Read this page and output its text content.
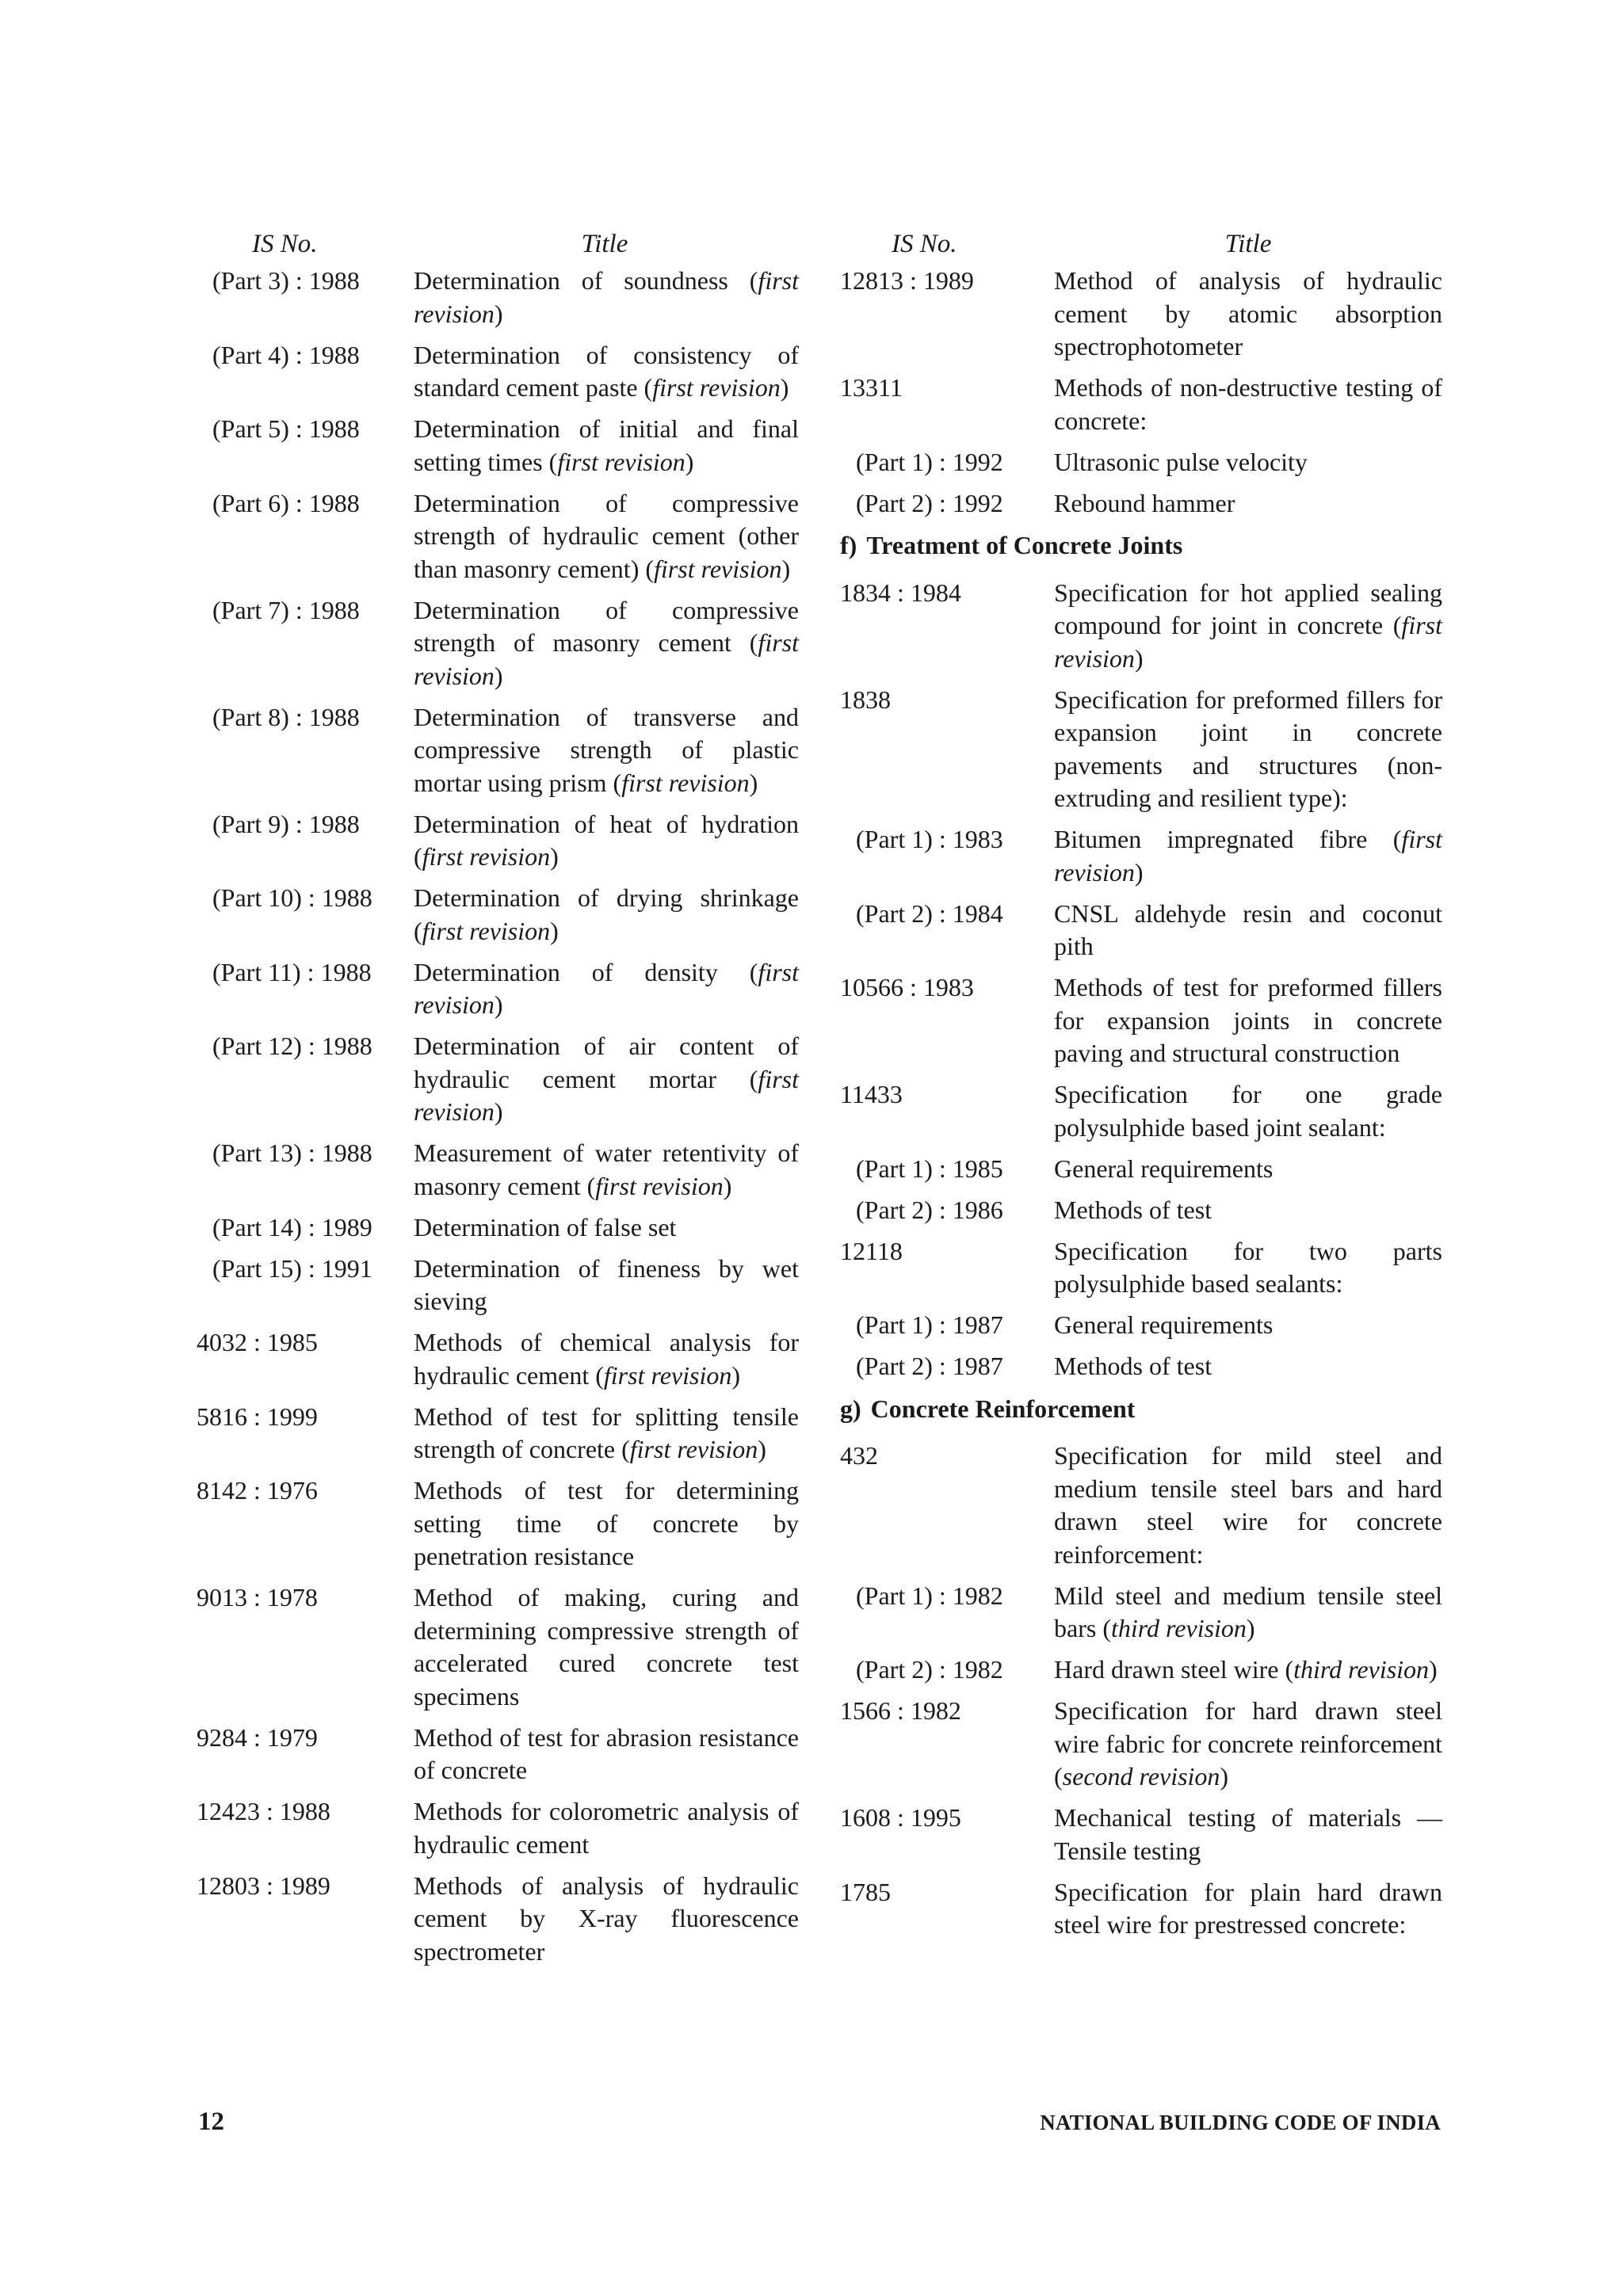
IS No.	Title
(Part 3) : 1988	Determination of soundness (first revision)
(Part 4) : 1988	Determination of consistency of standard cement paste (first revision)
(Part 5) : 1988	Determination of initial and final setting times (first revision)
(Part 6) : 1988	Determination of compressive strength of hydraulic cement (other than masonry cement) (first revision)
(Part 7) : 1988	Determination of compressive strength of masonry cement (first revision)
(Part 8) : 1988	Determination of transverse and compressive strength of plastic mortar using prism (first revision)
(Part 9) : 1988	Determination of heat of hydration (first revision)
(Part 10) : 1988	Determination of drying shrinkage (first revision)
(Part 11) : 1988	Determination of density (first revision)
(Part 12) : 1988	Determination of air content of hydraulic cement mortar (first revision)
(Part 13) : 1988	Measurement of water retentivity of masonry cement (first revision)
(Part 14) : 1989	Determination of false set
(Part 15) : 1991	Determination of fineness by wet sieving
4032 : 1985	Methods of chemical analysis for hydraulic cement (first revision)
5816 : 1999	Method of test for splitting tensile strength of concrete (first revision)
8142 : 1976	Methods of test for determining setting time of concrete by penetration resistance
9013 : 1978	Method of making, curing and determining compressive strength of accelerated cured concrete test specimens
9284 : 1979	Method of test for abrasion resistance of concrete
12423 : 1988	Methods for colorometric analysis of hydraulic cement
12803 : 1989	Methods of analysis of hydraulic cement by X-ray fluorescence spectrometer
IS No.	Title
12813 : 1989	Method of analysis of hydraulic cement by atomic absorption spectrophotometer
13311	Methods of non-destructive testing of concrete:
(Part 1) : 1992	Ultrasonic pulse velocity
(Part 2) : 1992	Rebound hammer
f) Treatment of Concrete Joints
1834 : 1984	Specification for hot applied sealing compound for joint in concrete (first revision)
1838	Specification for preformed fillers for expansion joint in concrete pavements and structures (non-extruding and resilient type):
(Part 1) : 1983	Bitumen impregnated fibre (first revision)
(Part 2) : 1984	CNSL aldehyde resin and coconut pith
10566 : 1983	Methods of test for preformed fillers for expansion joints in concrete paving and structural construction
11433	Specification for one grade polysulphide based joint sealant:
(Part 1) : 1985	General requirements
(Part 2) : 1986	Methods of test
12118	Specification for two parts polysulphide based sealants:
(Part 1) : 1987	General requirements
(Part 2) : 1987	Methods of test
g) Concrete Reinforcement
432	Specification for mild steel and medium tensile steel bars and hard drawn steel wire for concrete reinforcement:
(Part 1) : 1982	Mild steel and medium tensile steel bars (third revision)
(Part 2) : 1982	Hard drawn steel wire (third revision)
1566 : 1982	Specification for hard drawn steel wire fabric for concrete reinforcement (second revision)
1608 : 1995	Mechanical testing of materials — Tensile testing
1785	Specification for plain hard drawn steel wire for prestressed concrete:
12	NATIONAL BUILDING CODE OF INDIA
